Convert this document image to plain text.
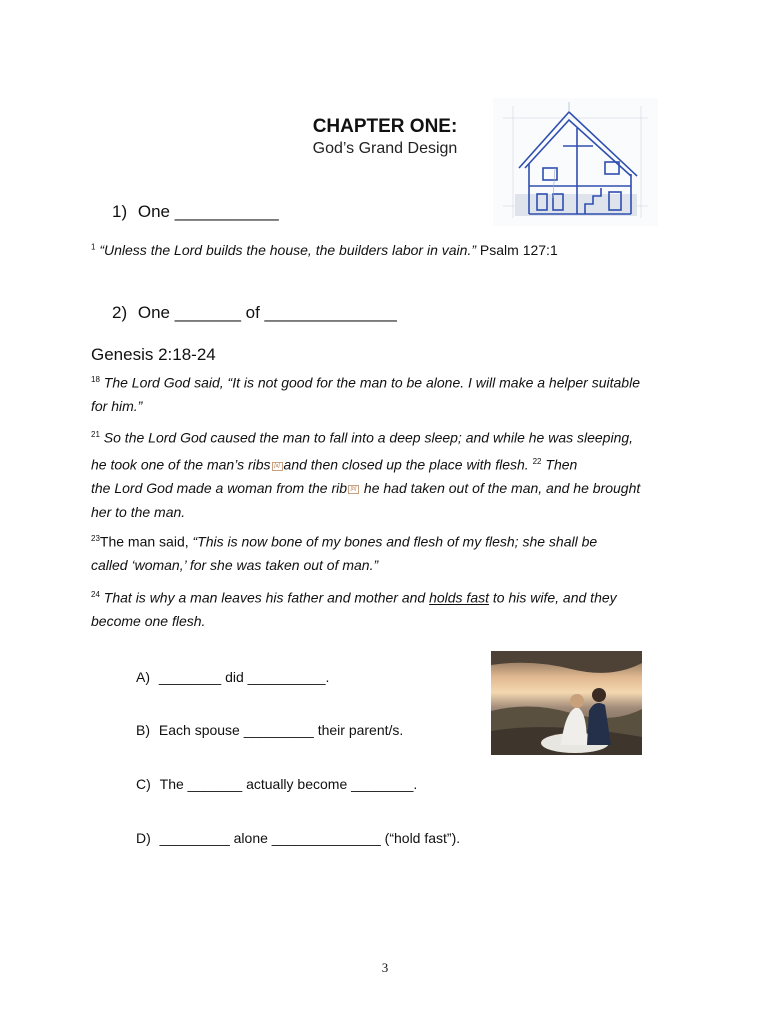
CHAPTER ONE:
God’s Grand Design
1) One ___________
$^1$ “Unless the Lord builds the house, the builders labor in vain.” Psalm 127:1
2) One _______ of ______________
Genesis 2:18-24
$^{18}$ The Lord God said, “It is not good for the man to be alone. I will make a helper suitable
for him.”
$^{21}$ So the Lord God caused the man to fall into a deep sleep; and while he was sleeping,
he took one of the man’s ribs [a] and then closed up the place with flesh. $^{22}$ Then
the Lord God made a woman from the rib [b] he had taken out of the man, and he brought
her to the man.
$^{23}$The man said, “This is now bone of my bones and flesh of my flesh; she shall be
called ‘woman,’ for she was taken out of man.”
$^{24}$ That is why a man leaves his father and mother and holds fast to his wife, and they
become one flesh.
A) ________ did __________.
B) Each spouse _________ their parent/s.
C) The _______ actually become ________.
D) _________ alone ______________ (“hold fast”).
3
